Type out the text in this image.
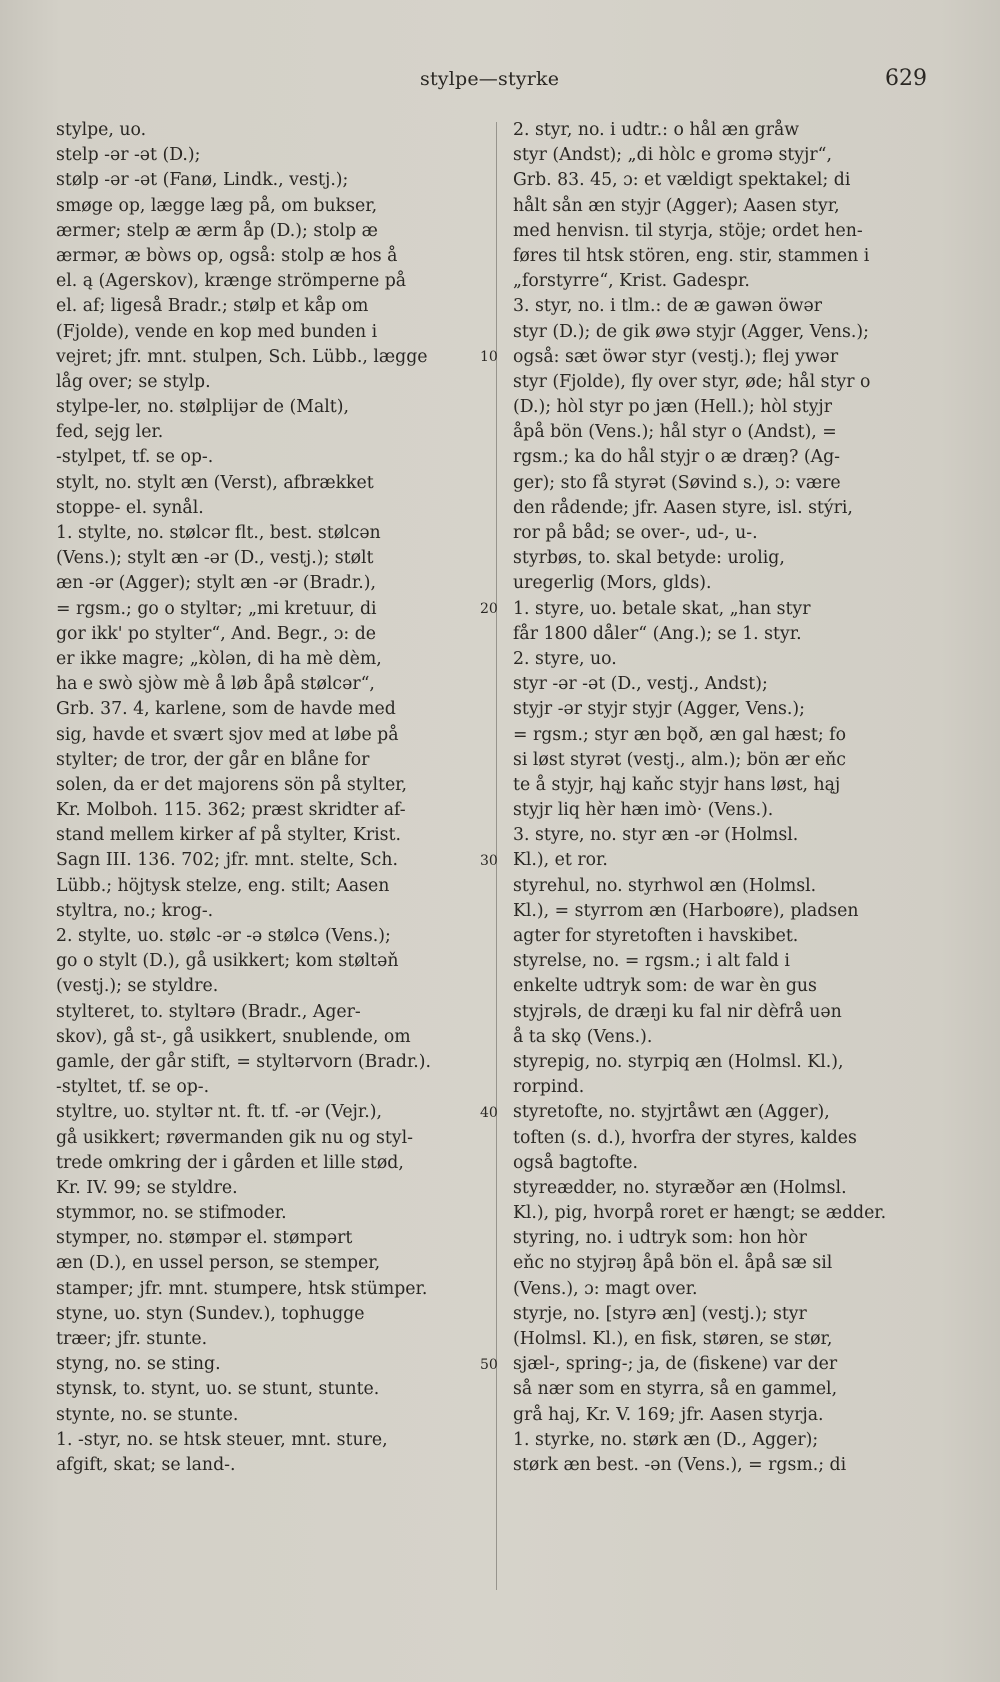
stylpe—styrke	629
stylpe, uo.
stelp -ər -ət (D.);
stølp -ər -ət (Fanø, Lindk., vestj.);
smøge op, lægge læg på, om bukser,
ærmer; stelp æ ærm åp (D.); stolp æ
ærmər, æ bòws op, også: stolp æ hos å
el. ą (Agerskov), krænge strömperne på
el. af; ligeså Bradr.; stølp et kåp om
(Fjolde), vende en kop med bunden i
vejret; jfr. mnt. stulpen, Sch. Lübb., lægge
låg over; se stylp.
stylpe-ler, no. stølplijər de (Malt),
fed, sejg ler.
-stylpet, tf. se op-.
stylt, no. stylt æn (Verst), afbrækket
stoppe- el. synål.
1. stylte, no. stølcər flt., best. stølcən
(Vens.); stylt æn -ər (D., vestj.); stølt
æn -ər (Agger); stylt æn -ər (Bradr.),
= rgsm.; go o styltər; „mi kretuur, di
gor ikk' po stylter“, And. Begr., ɔ: de
er ikke magre; „kòlən, di ha mè dèm,
ha e swò sjòw mè å løb åpå stølcər“,
Grb. 37. 4, karlene, som de havde med
sig, havde et svært sjov med at løbe på
stylter; de tror, der går en blåne for
solen, da er det majorens sön på stylter,
Kr. Molboh. 115. 362; præst skridter af-
stand mellem kirker af på stylter, Krist.
Sagn III. 136. 702; jfr. mnt. stelte, Sch.
Lübb.; höjtysk stelze, eng. stilt; Aasen
styltra, no.; krog-.
2. stylte, uo. stølc -ər -ə stølcə (Vens.);
go o stylt (D.), gå usikkert; kom støltəň
(vestj.); se styldre.
stylteret, to. styltərə (Bradr., Ager-
skov), gå st-, gå usikkert, snublende, om
gamle, der går stift, = styltərvorn (Bradr.).
-styltet, tf. se op-.
styltre, uo. styltər nt. ft. tf. -ər (Vejr.),
gå usikkert; røvermanden gik nu og styl-
trede omkring der i gården et lille stød,
Kr. IV. 99; se styldre.
stymmor, no. se stifmoder.
stymper, no. stømpər el. stømpərt
æn (D.), en ussel person, se stemper,
stamper; jfr. mnt. stumpere, htsk stümper.
styne, uo. styn (Sundev.), tophugge
træer; jfr. stunte.
styng, no. se sting.
stynsk, to. stynt, uo. se stunt, stunte.
stynte, no. se stunte.
1. -styr, no. se htsk steuer, mnt. sture,
afgift, skat; se land-.
10
20
30
40
50
2. styr, no. i udtr.: o hål æn gråw
styr (Andst); „di hòlc e gromə styjr“,
Grb. 83. 45, ɔ: et vældigt spektakel; di
hålt sån æn styjr (Agger); Aasen styr,
med henvisn. til styrja, stöje; ordet hen-
føres til htsk stören, eng. stir, stammen i
„forstyrre“, Krist. Gadespr.
3. styr, no. i tlm.: de æ gawən öwər
styr (D.); de gik øwə styjr (Agger, Vens.);
også: sæt öwər styr (vestj.); flej ywər
styr (Fjolde), fly over styr, øde; hål styr o
(D.); hòl styr po jæn (Hell.); hòl styjr
åpå bön (Vens.); hål styr o (Andst), =
rgsm.; ka do hål styjr o æ dræŋ? (Ag-
ger); sto få styrət (Søvind s.), ɔ: være
den rådende; jfr. Aasen styre, isl. stýri,
ror på båd; se over-, ud-, u-.
styrbøs, to. skal betyde: urolig,
uregerlig (Mors, glds).
1. styre, uo. betale skat, „han styr
får 1800 dåler“ (Ang.); se 1. styr.
2. styre, uo.
styr -ər -ət (D., vestj., Andst);
styjr -ər styjr styjr (Agger, Vens.);
= rgsm.; styr æn bǫð, æn gal hæst; fo
si løst styrət (vestj., alm.); bön ær eňc
te å styjr, hąj kaňc styjr hans løst, hąj
styjr liq hèr hæn imò· (Vens.).
3. styre, no. styr æn -ər (Holmsl.
Kl.), et ror.
styrehul, no. styrhwol æn (Holmsl.
Kl.), = styrrom æn (Harboøre), pladsen
agter for styretoften i havskibet.
styrelse, no. = rgsm.; i alt fald i
enkelte udtryk som: de war èn gus
styjrəls, de dræŋi ku fal nir dèfrå uən
å ta skǫ (Vens.).
styrepig, no. styrpiq æn (Holmsl. Kl.),
rorpind.
styretofte, no. styjrtåwt æn (Agger),
toften (s. d.), hvorfra der styres, kaldes
også bagtofte.
styreædder, no. styræðər æn (Holmsl.
Kl.), pig, hvorpå roret er hængt; se ædder.
styring, no. i udtryk som: hon hòr
eňc no styjrəŋ åpå bön el. åpå sæ sil
(Vens.), ɔ: magt over.
styrje, no. [styrə æn] (vestj.); styr
(Holmsl. Kl.), en fisk, støren, se stør,
sjæl-, spring-; ja, de (fiskene) var der
så nær som en styrra, så en gammel,
grå haj, Kr. V. 169; jfr. Aasen styrja.
1. styrke, no. størk æn (D., Agger);
størk æn best. -ən (Vens.), = rgsm.; di
